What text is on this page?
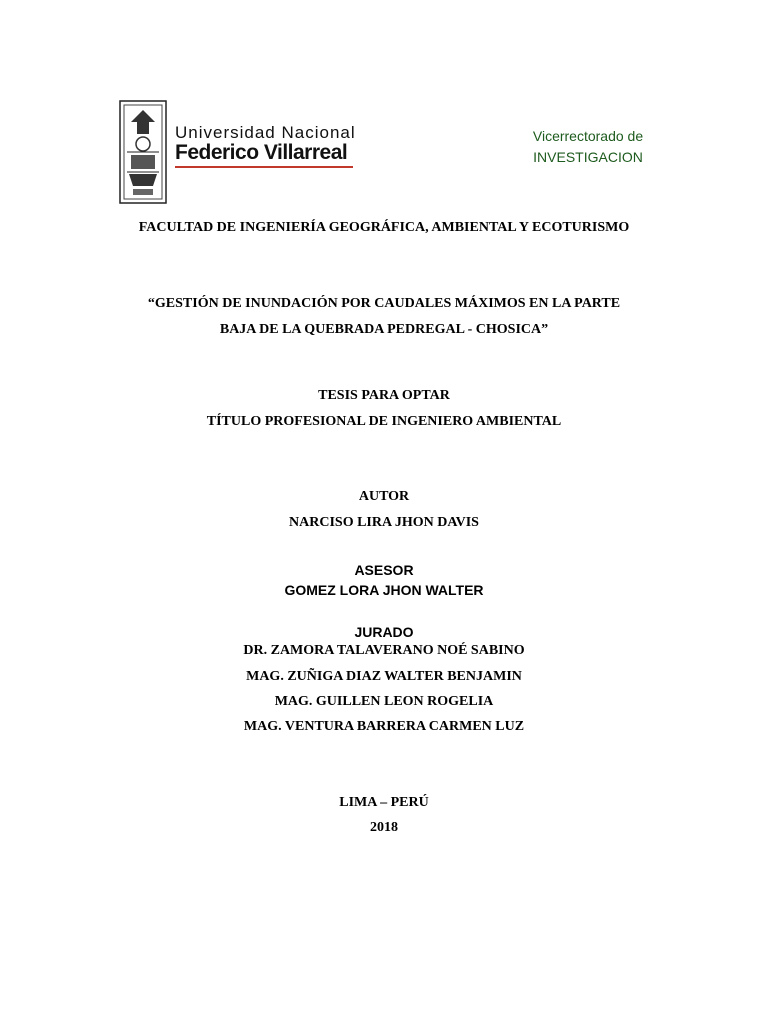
Universidad Nacional
Federico Villarreal
Vicerrectorado de
INVESTIGACION
FACULTAD DE INGENIERÍA GEOGRÁFICA, AMBIENTAL Y ECOTURISMO
“GESTIÓN DE INUNDACIÓN POR CAUDALES MÁXIMOS EN LA PARTE
BAJA DE LA QUEBRADA PEDREGAL - CHOSICA”
TESIS PARA OPTAR
TÍTULO PROFESIONAL DE INGENIERO AMBIENTAL
AUTOR
NARCISO LIRA JHON DAVIS
ASESOR
GOMEZ LORA JHON WALTER
JURADO
DR. ZAMORA TALAVERANO NOÉ SABINO
MAG. ZUÑIGA DIAZ WALTER BENJAMIN
MAG. GUILLEN LEON ROGELIA
MAG. VENTURA BARRERA CARMEN LUZ
LIMA – PERÚ
2018
